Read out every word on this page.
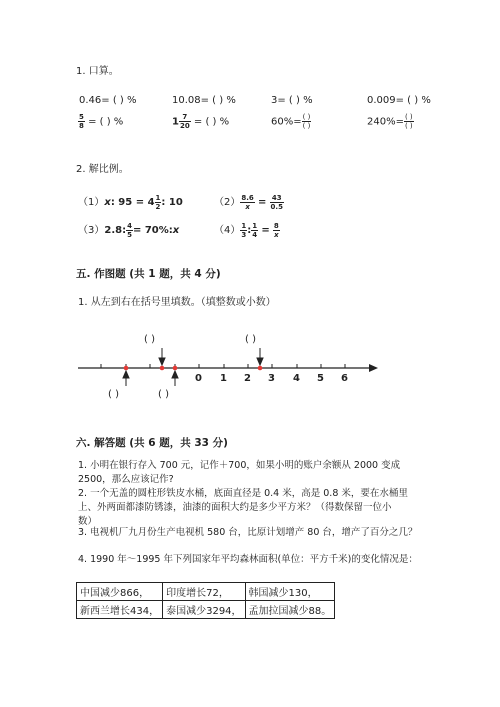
1. 口算。
0.46= ( ) %	10.08= ( ) %	3= ( ) %	0.009= ( ) %
$\frac{5}{8}$ = ( ) %	$1 \frac{7}{20}$ = ( ) %	$60\%= \frac{( )}{( )}$	$240\%= \frac{( )}{( )}$
2. 解比例。
（1）x: $95 = 4 \frac{1}{2}$ : 10	$(2) \frac{8.6}{x} = \frac{43}{0.5}$
（3）2.8: $\frac{4}{5}$ = 70%:x	$(4) \frac{1}{3}$ : $\frac{1}{4} = \frac{8}{x}$
五. 作图题 (共 1 题，共 4 分)
1. 从左到右在括号里填数。（填整数或小数）
( )	( )
( )	( )
0 1 2 3 4 5 6
六. 解答题 (共 6 题，共 33 分)
1. 小明在银行存入 700 元，记作＋700，如果小明的账户余额从 2000 变成
2500，那么应该记作?
2. 一个无盖的圆柱形铁皮水桶，底面直径是 0.4 米，高是 0.8 米，要在水桶里
上、外两面都漆防锈漆，油漆的面积大约是多少平方米？（得数保留一位小
数）
3. 电视机厂九月份生产电视机 580 台，比原计划增产 80 台，增产了百分之几？
4. 1990 年～1995 年下列国家年平均森林面积(单位：平方千米)的变化情况是：
中国减少866，	印度增长72，	韩国减少130，
新西兰增长434，	泰国减少3294，	孟加拉国减少88。
